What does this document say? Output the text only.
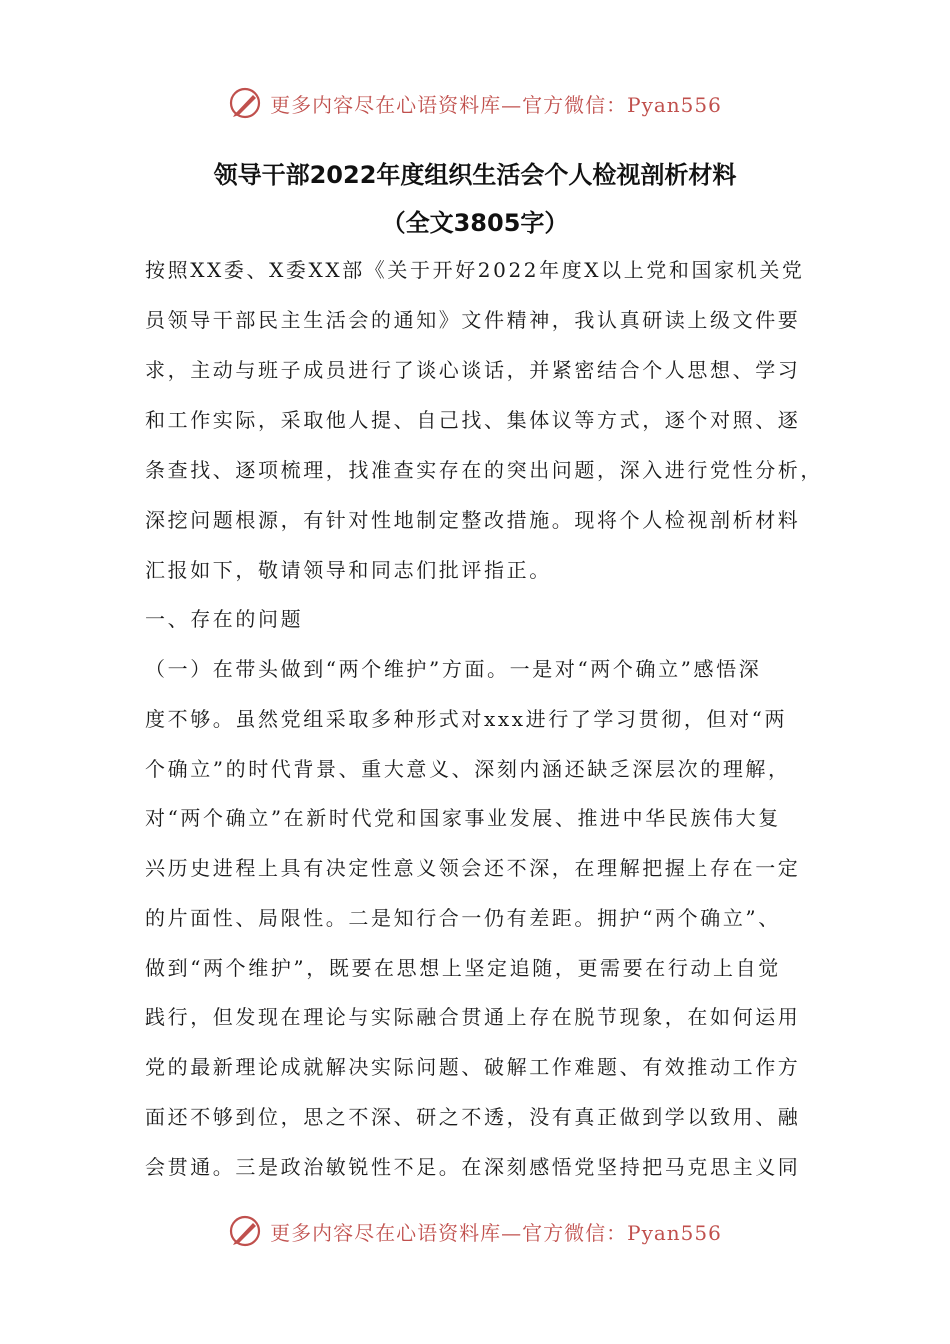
更多内容尽在心语资料库—官方微信：Pyan556
领导干部2022年度组织生活会个人检视剖析材料
（全文3805字）
按照XX委、X委XX部《关于开好2022年度X以上党和国家机关党
员领导干部民主生活会的通知》文件精神，我认真研读上级文件要
求，主动与班子成员进行了谈心谈话，并紧密结合个人思想、学习
和工作实际，采取他人提、自己找、集体议等方式，逐个对照、逐
条查找、逐项梳理，找准查实存在的突出问题，深入进行党性分析，
深挖问题根源，有针对性地制定整改措施。现将个人检视剖析材料
汇报如下，敬请领导和同志们批评指正。
一、存在的问题
（一）在带头做到“两个维护”方面。一是对“两个确立”感悟深
度不够。虽然党组采取多种形式对xxx进行了学习贯彻，但对“两
个确立”的时代背景、重大意义、深刻内涵还缺乏深层次的理解，
对“两个确立”在新时代党和国家事业发展、推进中华民族伟大复
兴历史进程上具有决定性意义领会还不深，在理解把握上存在一定
的片面性、局限性。二是知行合一仍有差距。拥护“两个确立”、
做到“两个维护”，既要在思想上坚定追随，更需要在行动上自觉
践行，但发现在理论与实际融合贯通上存在脱节现象，在如何运用
党的最新理论成就解决实际问题、破解工作难题、有效推动工作方
面还不够到位，思之不深、研之不透，没有真正做到学以致用、融
会贯通。三是政治敏锐性不足。在深刻感悟党坚持把马克思主义同
更多内容尽在心语资料库—官方微信：Pyan556
